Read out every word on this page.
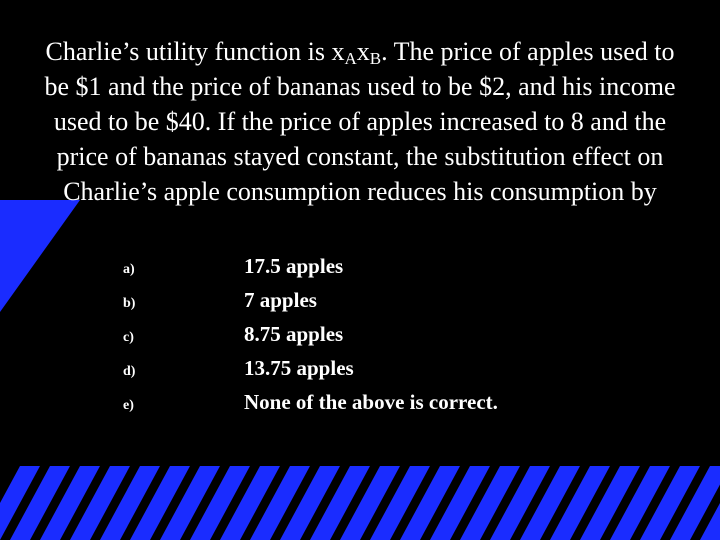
Charlie’s utility function is $x_Ax_B$. The price of apples used to be $1 and the price of bananas used to be $2, and his income used to be $40. If the price of apples increased to 8 and the price of bananas stayed constant, the substitution effect on Charlie’s apple consumption reduces his consumption by

a)	17.5 apples
b)	7 apples
c)	8.75 apples
d)	13.75 apples
e)	None of the above is correct.
